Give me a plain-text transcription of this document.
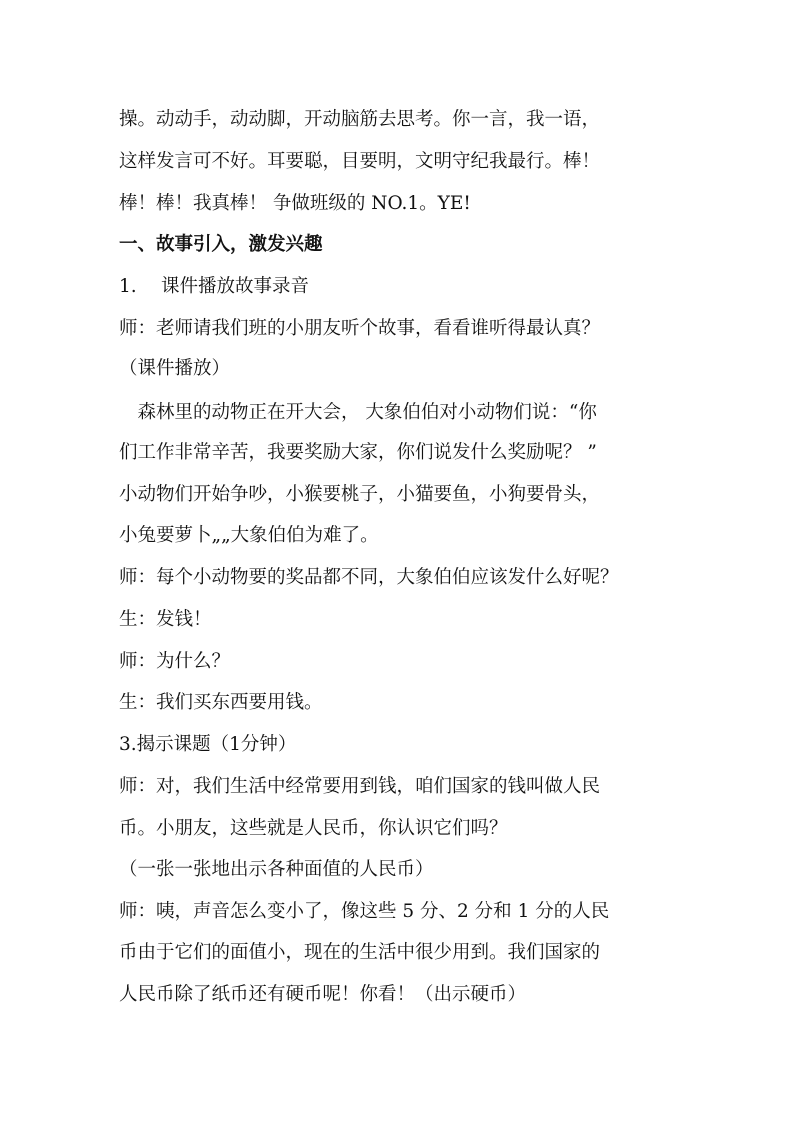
操。动动手，动动脚，开动脑筋去思考。你一言，我一语，
这样发言可不好。耳要聪，目要明，文明守纪我最行。棒！
棒！棒！我真棒！ 争做班级的 NO.1。YE!
一、故事引入，激发兴趣
1.　 课件播放故事录音
师：老师请我们班的小朋友听个故事，看看谁听得最认真？
（课件播放）
　森林里的动物正在开大会， 大象伯伯对小动物们说：“你
们工作非常辛苦，我要奖励大家，你们说发什么奖励呢？ ”
小动物们开始争吵，小猴要桃子，小猫要鱼，小狗要骨头，
小兔要萝卜„„大象伯伯为难了。
师：每个小动物要的奖品都不同，大象伯伯应该发什么好呢？
生：发钱！
师：为什么？
生：我们买东西要用钱。
3.揭示课题（1分钟）
师：对，我们生活中经常要用到钱，咱们国家的钱叫做人民
币。小朋友，这些就是人民币，你认识它们吗？
（一张一张地出示各种面值的人民币）
师：咦，声音怎么变小了，像这些 5 分、2 分和 1 分的人民
币由于它们的面值小，现在的生活中很少用到。我们国家的
人民币除了纸币还有硬币呢！你看！（出示硬币）
